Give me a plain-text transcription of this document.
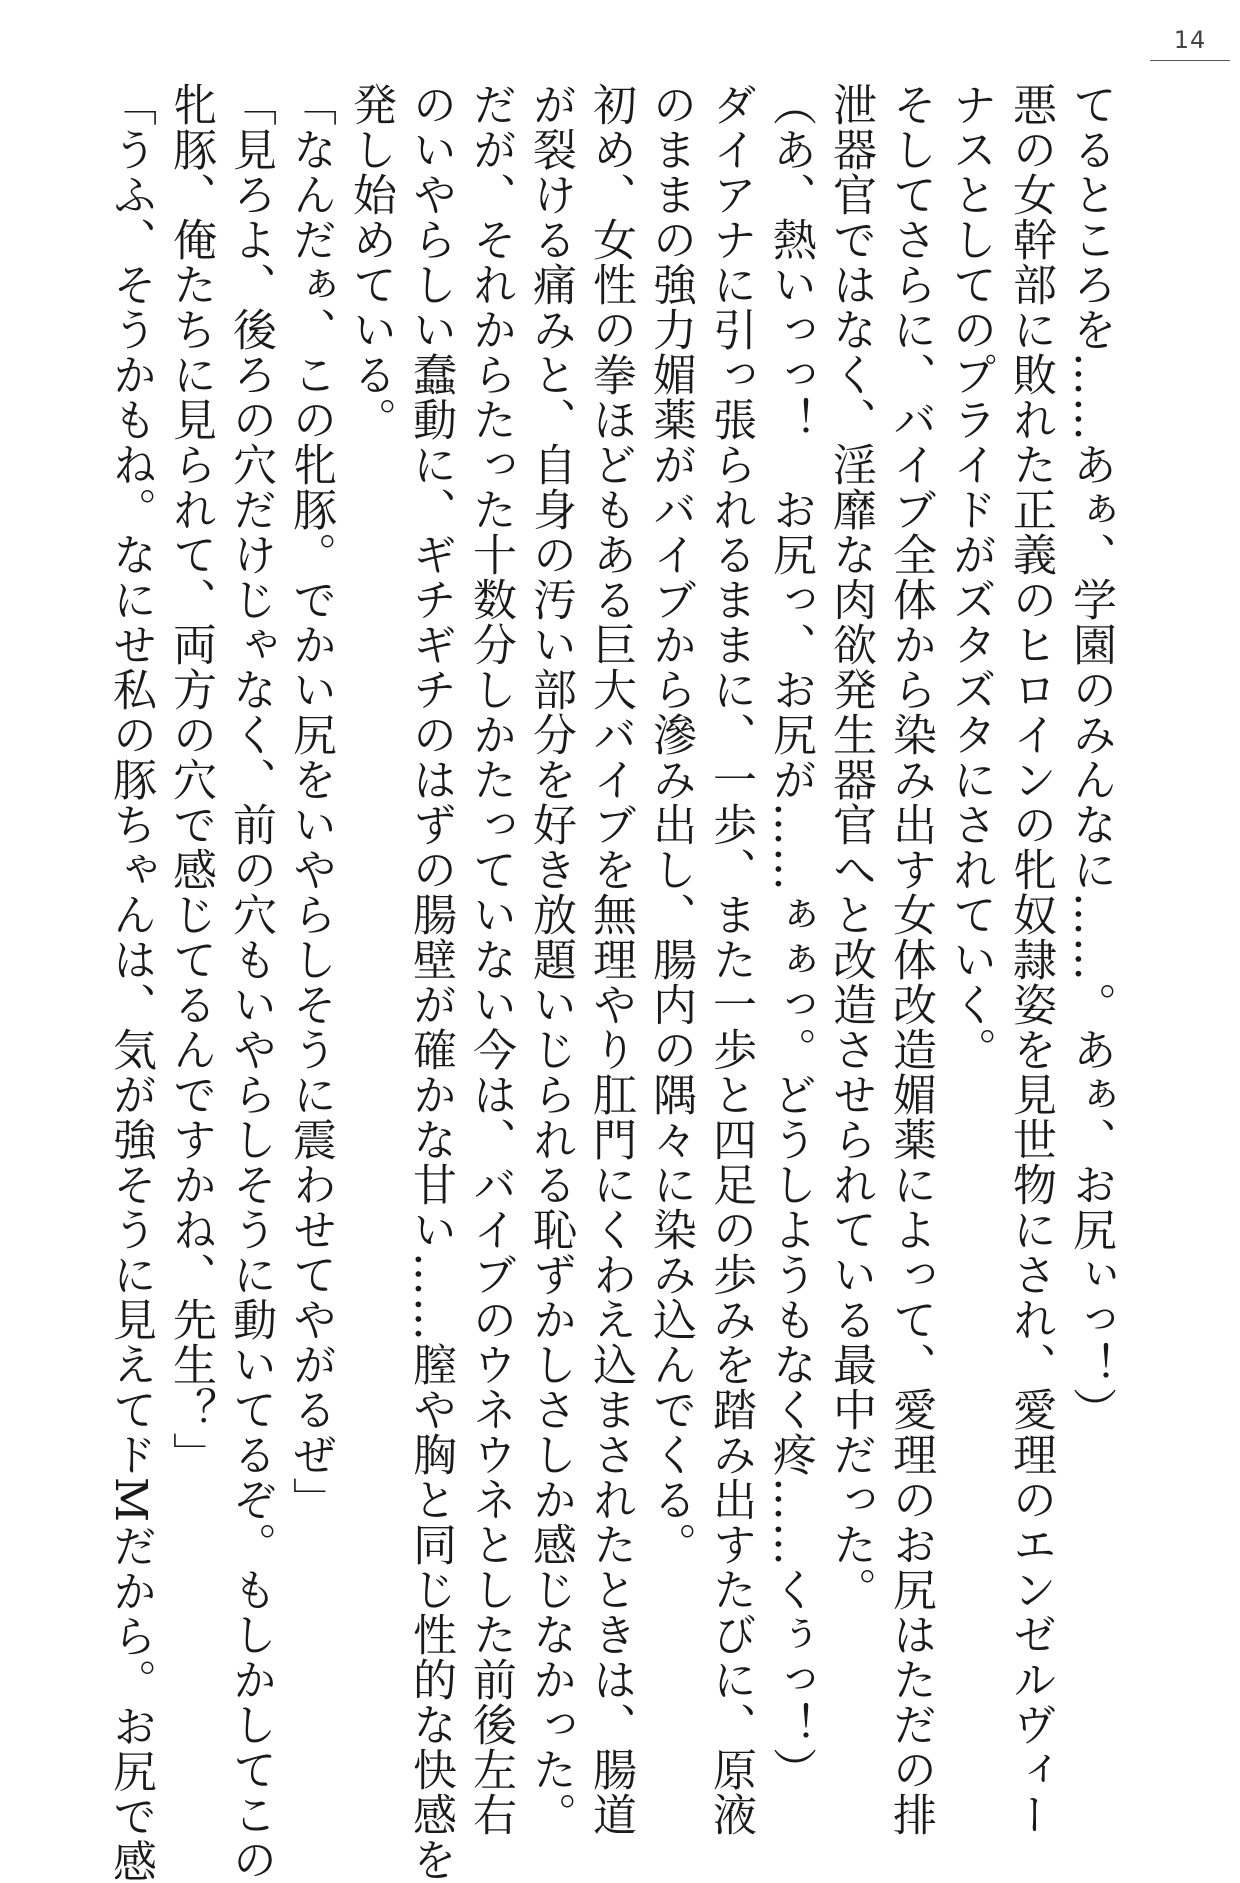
14
てるところを……あぁ、学園のみんなに……。あぁ、お尻ぃっ！）
悪の女幹部に敗れた正義のヒロインの牝奴隷姿を見世物にされ、愛理のエンゼルヴィー
ナスとしてのプライドがズタズタにされていく。
そしてさらに、バイブ全体から染み出す女体改造媚薬によって、愛理のお尻はただの排
泄器官ではなく、淫靡な肉欲発生器官へと改造させられている最中だった。
（あ、熱いっっ！　お尻っ、お尻が……ぁぁっ。どうしようもなく疼……くぅっ！）
ダイアナに引っ張られるままに、一歩、また一歩と四足の歩みを踏み出すたびに、原液
のままの強力媚薬がバイブから滲み出し、腸内の隅々に染み込んでくる。
初め、女性の拳ほどもある巨大バイブを無理やり肛門にくわえ込まされたときは、腸道
が裂ける痛みと、自身の汚い部分を好き放題いじられる恥ずかしさしか感じなかった。
だが、それからたった十数分しかたっていない今は、バイブのウネウネとした前後左右
のいやらしい蠢動に、ギチギチのはずの腸壁が確かな甘い……膣や胸と同じ性的な快感を
発し始めている。
「なんだぁ、この牝豚。でかい尻をいやらしそうに震わせてやがるぜ」
「見ろよ、後ろの穴だけじゃなく、前の穴もいやらしそうに動いてるぞ。もしかしてこの
牝豚、俺たちに見られて、両方の穴で感じてるんですかね、先生？」
「うふ、そうかもね。なにせ私の豚ちゃんは、気が強そうに見えてドMだから。お尻で感
